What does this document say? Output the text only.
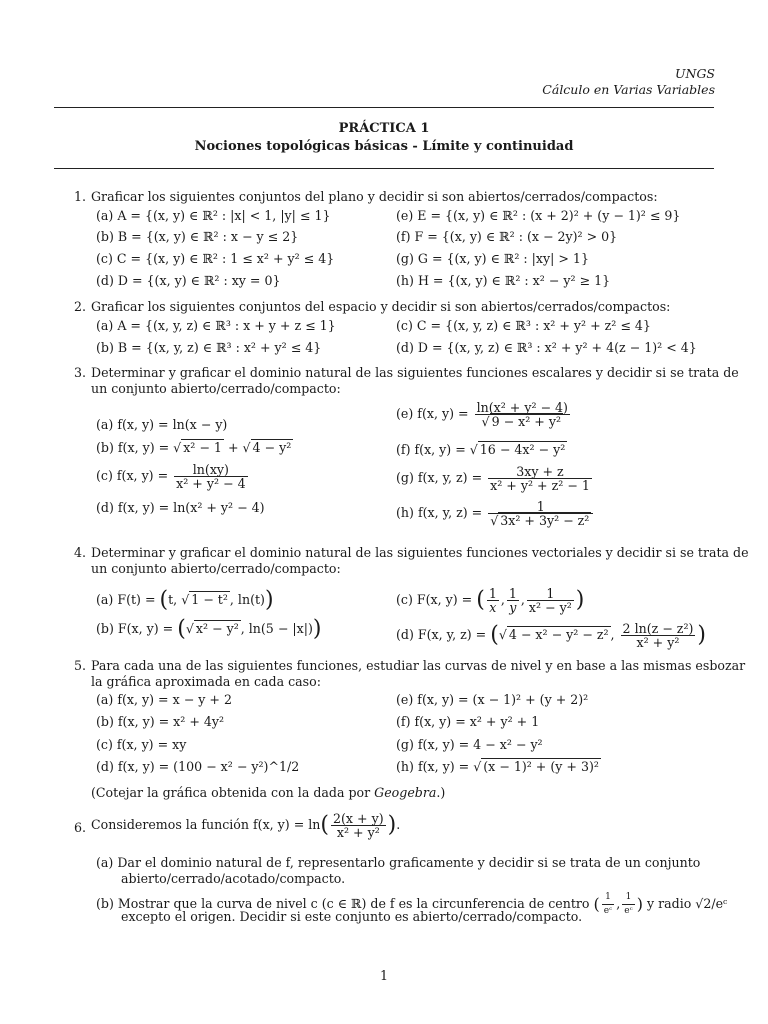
UNGS
Cálculo en Varias Variables
PRÁCTICA 1
Nociones topológicas básicas - Límite y continuidad
1. Graficar los siguientes conjuntos del plano y decidir si son abiertos/cerrados/compactos:
(a) A = {(x, y) ∈ ℝ² : |x| < 1, |y| ≤ 1}
(b) B = {(x, y) ∈ ℝ² : x − y ≤ 2}
(c) C = {(x, y) ∈ ℝ² : 1 ≤ x² + y² ≤ 4}
(d) D = {(x, y) ∈ ℝ² : xy = 0}
(e) E = {(x, y) ∈ ℝ² : (x + 2)² + (y − 1)² ≤ 9}
(f) F = {(x, y) ∈ ℝ² : (x − 2y)² > 0}
(g) G = {(x, y) ∈ ℝ² : |xy| > 1}
(h) H = {(x, y) ∈ ℝ² : x² − y² ≥ 1}
2. Graficar los siguientes conjuntos del espacio y decidir si son abiertos/cerrados/compactos:
(a) A = {(x, y, z) ∈ ℝ³ : x + y + z ≤ 1}
(b) B = {(x, y, z) ∈ ℝ³ : x² + y² ≤ 4}
(c) C = {(x, y, z) ∈ ℝ³ : x² + y² + z² ≤ 4}
(d) D = {(x, y, z) ∈ ℝ³ : x² + y² + 4(z − 1)² < 4}
3. Determinar y graficar el dominio natural de las siguientes funciones escalares y decidir si se trata de
un conjunto abierto/cerrado/compacto:
(a) f(x, y) = ln(x − y)
(b) f(x, y) = √ x² − 1 + √ 4 − y²
(c) f(x, $y) = \frac{\ln(xy)}{\text{x² + y² − 4}}$
(d) f(x, y) = ln(x² + y² − 4)
(e) f(x, $y) = \frac{\text{ln(x² + y² − 4)}}{\text{√ 9 − x² + y²}}$
(f) f(x, y) = √ 16 − 4x² − y²
(g) f(x, y, $z) = \frac{3xy + z}{\text{x² + y² + z² − 1}}$
(h) f(x, y, $z) = \frac{1}{\text{√ 3x² + 3y² − z²}}$
4. Determinar y graficar el dominio natural de las siguientes funciones vectoriales y decidir si se trata de
un conjunto abierto/cerrado/compacto:
(a) F(t) = (t, √ 1 − t² , ln(t))
(b) F(x, y) = (√ x² − y² , ln(5 − |x|))
(c) F(x, y) = ( $\frac{1}{x}$ , $\frac{1}{y}$ , $\frac{1}{\text{x² − y²}}$ )
(d) F(x, y, z) = (√ 4 − x² − y² − z² , $\frac{\text{2 ln(z − z²)}}{\text{x² + y²}}$ )
5. Para cada una de las siguientes funciones, estudiar las curvas de nivel y en base a las mismas esbozar
la gráfica aproximada en cada caso:
(a) f(x, y) = x − y + 2
(b) f(x, y) = x² + 4y²
(c) f(x, y) = xy
(d) f(x, y) = (100 − x² − y²)^1/2
(e) f(x, y) = (x − 1)² + (y + 2)²
(f) f(x, y) = x² + y² + 1
(g) f(x, y) = 4 − x² − y²
(h) f(x, y) = √ (x − 1)² + (y + 3)²
(Cotejar la gráfica obtenida con la dada por Geogebra.)
6. Consideremos la función f(x, $y) = \ln( \frac{2(x + y)}{\text{x² + y²}}$ ).
(a) Dar el dominio natural de f, representarlo graficamente y decidir si se trata de un conjunto
abierto/cerrado/acotado/compacto.
(b) Mostrar que la curva de nivel c (c ∈ ℝ) de f es la circunferencia de centro ( $\frac{1}{\text{eᶜ}}$ , $\frac{1}{\text{eᶜ}}$ ) y radio √2/eᶜ
excepto el origen. Decidir si este conjunto es abierto/cerrado/compacto.
1
